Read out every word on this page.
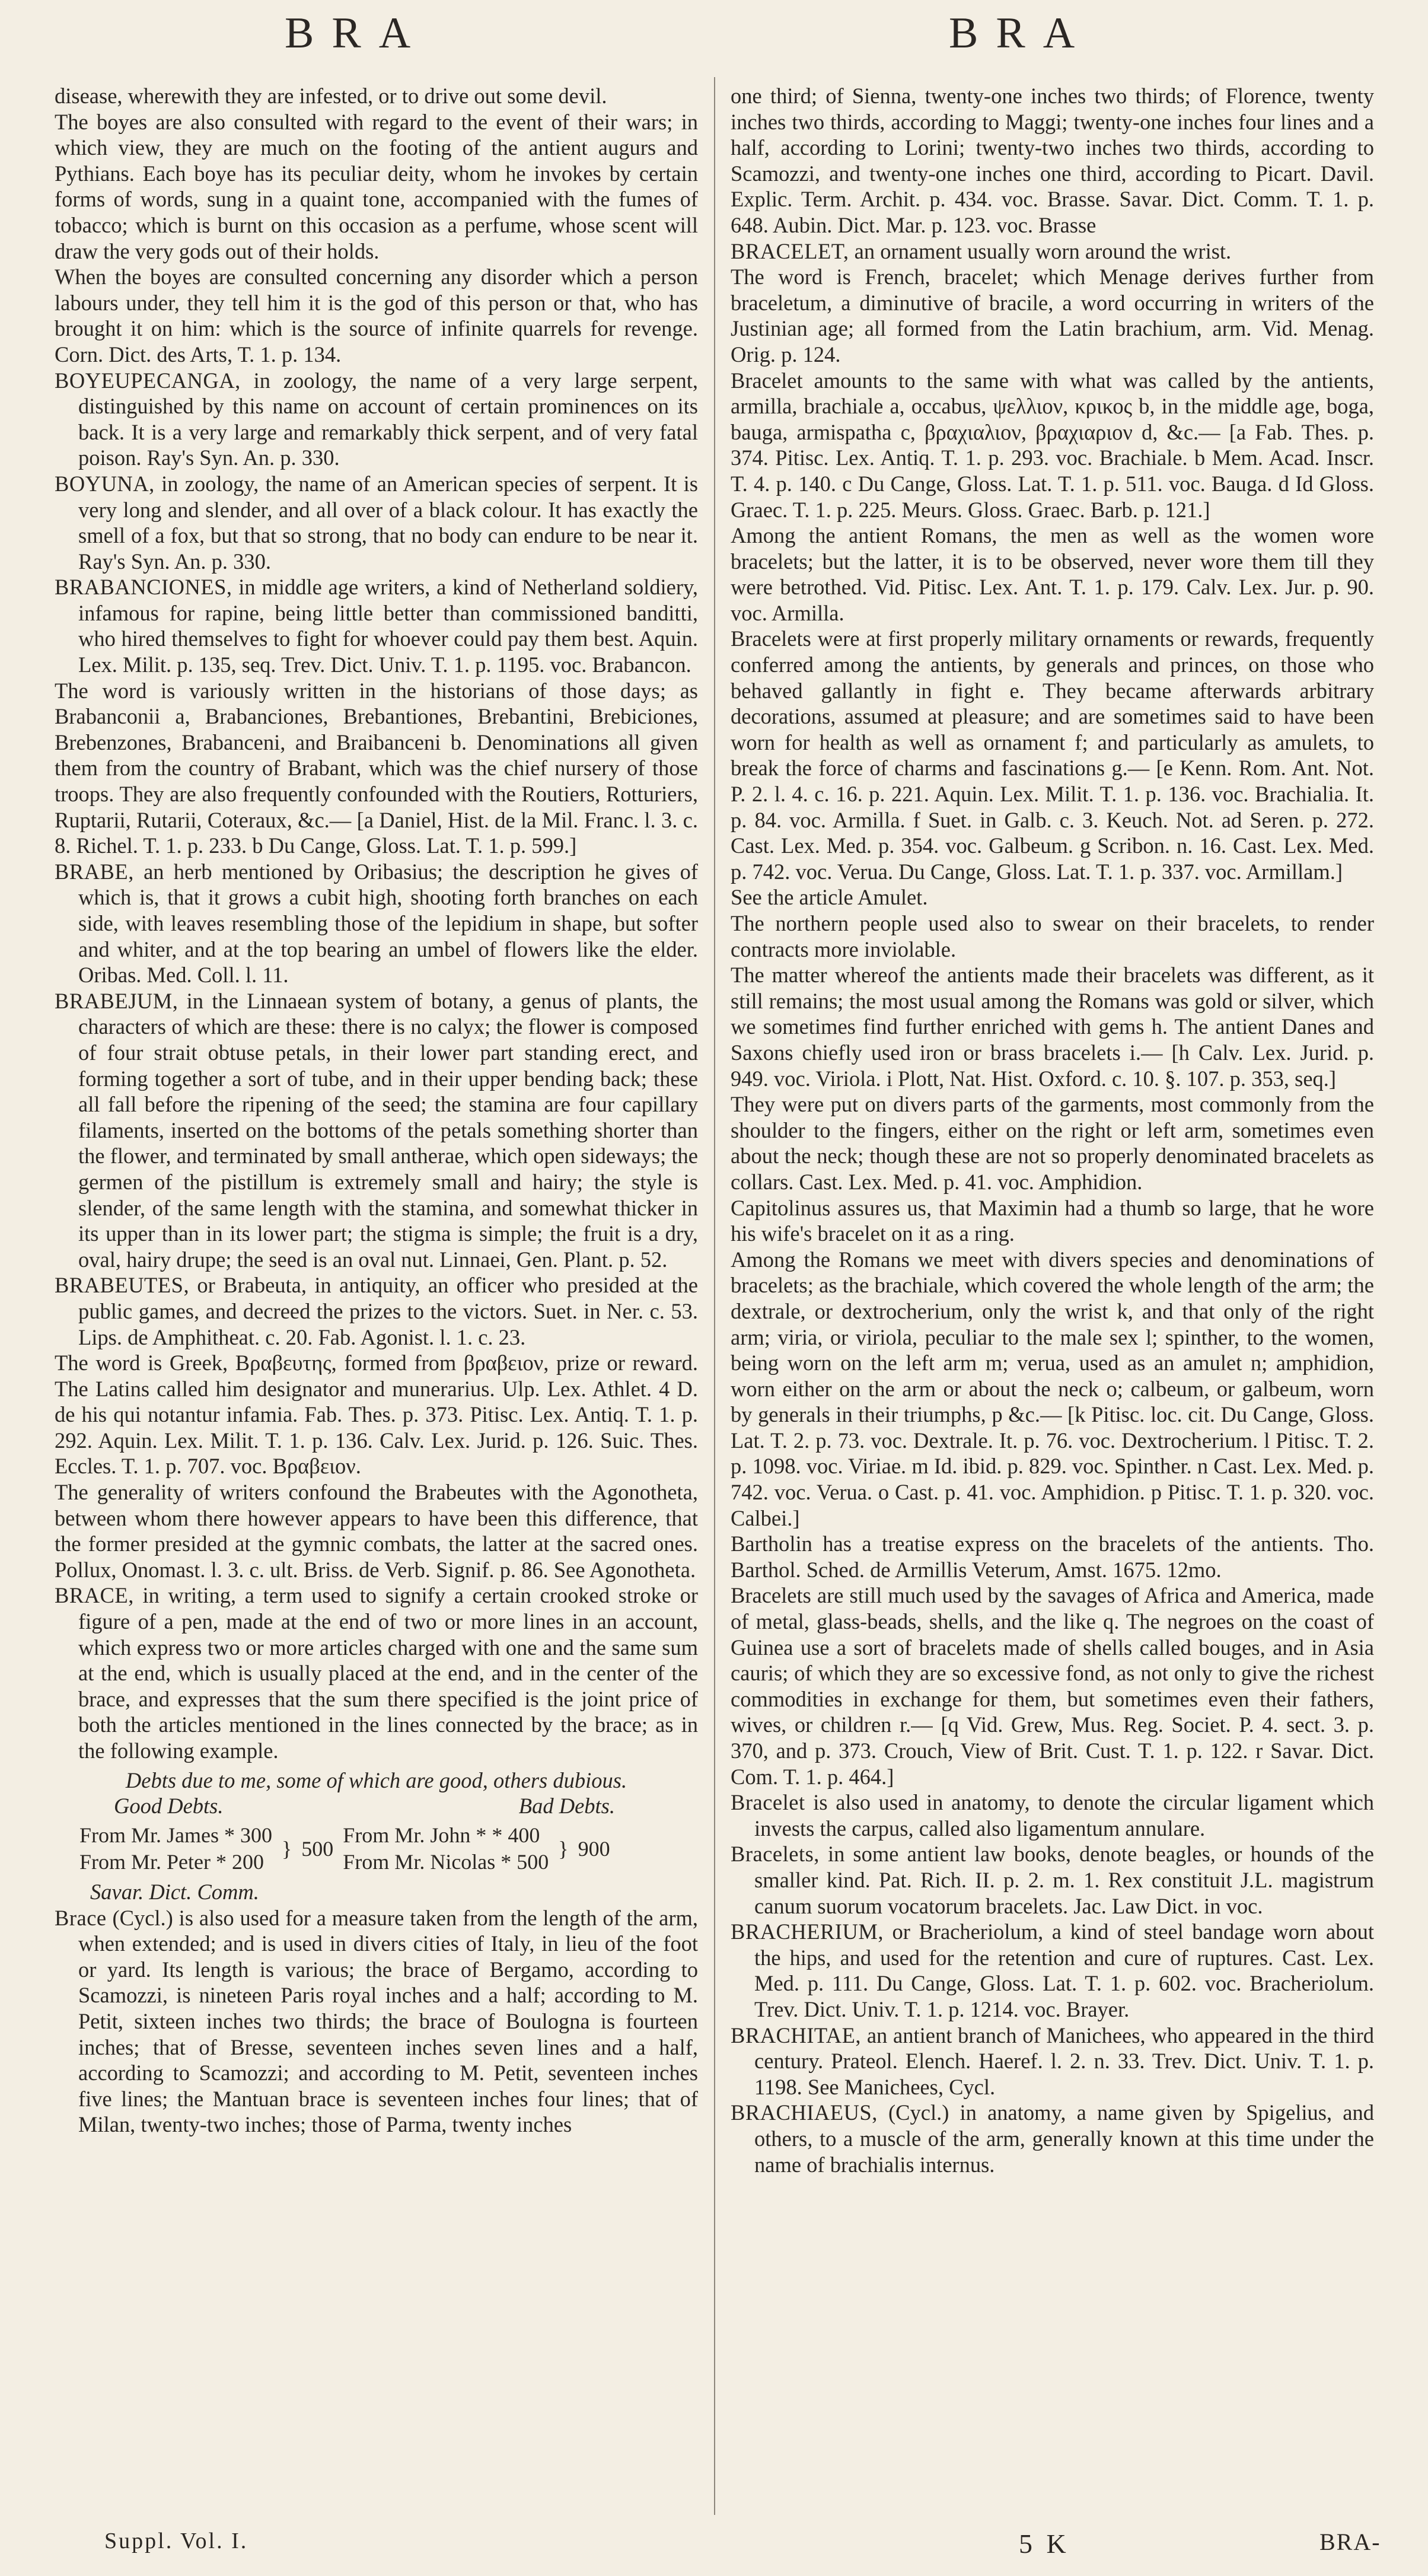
BRA	BRA

disease, wherewith they are infested, or to drive out some devil.

The boyes are also consulted with regard to the event of their wars; in which view, they are much on the footing of the antient augurs and Pythians. Each boye has its peculiar deity, whom he invokes by certain forms of words, sung in a quaint tone, accompanied with the fumes of tobacco; which is burnt on this occasion as a perfume, whose scent will draw the very gods out of their holds.

When the boyes are consulted concerning any disorder which a person labours under, they tell him it is the god of this person or that, who has brought it on him: which is the source of infinite quarrels for revenge. Corn. Dict. des Arts, T. 1. p. 134.

BOYEUPECANGA, in zoology, the name of a very large serpent, distinguished by this name on account of certain prominences on its back. It is a very large and remarkably thick serpent, and of very fatal poison. Ray's Syn. An. p. 330.

BOYUNA, in zoology, the name of an American species of serpent. It is very long and slender, and all over of a black colour. It has exactly the smell of a fox, but that so strong, that no body can endure to be near it. Ray's Syn. An. p. 330.

BRABANCIONES, in middle age writers, a kind of Netherland soldiery, infamous for rapine, being little better than commissioned banditti, who hired themselves to fight for whoever could pay them best. Aquin. Lex. Milit. p. 135, seq. Trev. Dict. Univ. T. 1. p. 1195. voc. Brabancon.

The word is variously written in the historians of those days; as Brabanconii a, Brabanciones, Brebantiones, Brebantini, Brebiciones, Brebenzones, Brabanceni, and Braibanceni b. Denominations all given them from the country of Brabant, which was the chief nursery of those troops. They are also frequently confounded with the Routiers, Rotturiers, Ruptarii, Rutarii, Coteraux, &c.— [a Daniel, Hist. de la Mil. Franc. l. 3. c. 8. Richel. T. 1. p. 233. b Du Cange, Gloss. Lat. T. 1. p. 599.]

BRABE, an herb mentioned by Oribasius; the description he gives of which is, that it grows a cubit high, shooting forth branches on each side, with leaves resembling those of the lepidium in shape, but softer and whiter, and at the top bearing an umbel of flowers like the elder. Oribas. Med. Coll. l. 11.

BRABEJUM, in the Linnaean system of botany, a genus of plants, the characters of which are these: there is no calyx; the flower is composed of four strait obtuse petals, in their lower part standing erect, and forming together a sort of tube, and in their upper bending back; these all fall before the ripening of the seed; the stamina are four capillary filaments, inserted on the bottoms of the petals something shorter than the flower, and terminated by small antherae, which open sideways; the germen of the pistillum is extremely small and hairy; the style is slender, of the same length with the stamina, and somewhat thicker in its upper than in its lower part; the stigma is simple; the fruit is a dry, oval, hairy drupe; the seed is an oval nut. Linnaei, Gen. Plant. p. 52.

BRABEUTES, or Brabeuta, in antiquity, an officer who presided at the public games, and decreed the prizes to the victors. Suet. in Ner. c. 53. Lips. de Amphitheat. c. 20. Fab. Agonist. l. 1. c. 23.

The word is Greek, Βραβευτης, formed from βραβειον, prize or reward. The Latins called him designator and munerarius. Ulp. Lex. Athlet. 4 D. de his qui notantur infamia. Fab. Thes. p. 373. Pitisc. Lex. Antiq. T. 1. p. 292. Aquin. Lex. Milit. T. 1. p. 136. Calv. Lex. Jurid. p. 126. Suic. Thes. Eccles. T. 1. p. 707. voc. Βραβειον.

The generality of writers confound the Brabeutes with the Agonotheta, between whom there however appears to have been this difference, that the former presided at the gymnic combats, the latter at the sacred ones. Pollux, Onomast. l. 3. c. ult. Briss. de Verb. Signif. p. 86. See Agonotheta.

BRACE, in writing, a term used to signify a certain crooked stroke or figure of a pen, made at the end of two or more lines in an account, which express two or more articles charged with one and the same sum at the end, which is usually placed at the end, and in the center of the brace, and expresses that the sum there specified is the joint price of both the articles mentioned in the lines connected by the brace; as in the following example.

Debts due to me, some of which are good, others dubious.
Good Debts.	Bad Debts.
From Mr. James * 300	}	500	From Mr. John * * 400	}	900
From Mr. Peter * 200			From Mr. Nicolas * 500		

Savar. Dict. Comm.

Brace (Cycl.) is also used for a measure taken from the length of the arm, when extended; and is used in divers cities of Italy, in lieu of the foot or yard. Its length is various; the brace of Bergamo, according to Scamozzi, is nineteen Paris royal inches and a half; according to M. Petit, sixteen inches two thirds; the brace of Boulogna is fourteen inches; that of Bresse, seventeen inches seven lines and a half, according to Scamozzi; and according to M. Petit, seventeen inches five lines; the Mantuan brace is seventeen inches four lines; that of Milan, twenty-two inches; those of Parma, twenty inches

one third; of Sienna, twenty-one inches two thirds; of Florence, twenty inches two thirds, according to Maggi; twenty-one inches four lines and a half, according to Lorini; twenty-two inches two thirds, according to Scamozzi, and twenty-one inches one third, according to Picart. Davil. Explic. Term. Archit. p. 434. voc. Brasse. Savar. Dict. Comm. T. 1. p. 648. Aubin. Dict. Mar. p. 123. voc. Brasse

BRACELET, an ornament usually worn around the wrist.

The word is French, bracelet; which Menage derives further from braceletum, a diminutive of bracile, a word occurring in writers of the Justinian age; all formed from the Latin brachium, arm. Vid. Menag. Orig. p. 124.

Bracelet amounts to the same with what was called by the antients, armilla, brachiale a, occabus, ψελλιον, κρικος b, in the middle age, boga, bauga, armispatha c, βραχιαλιον, βραχιαριον d, &c.— [a Fab. Thes. p. 374. Pitisc. Lex. Antiq. T. 1. p. 293. voc. Brachiale. b Mem. Acad. Inscr. T. 4. p. 140. c Du Cange, Gloss. Lat. T. 1. p. 511. voc. Bauga. d Id Gloss. Graec. T. 1. p. 225. Meurs. Gloss. Graec. Barb. p. 121.]

Among the antient Romans, the men as well as the women wore bracelets; but the latter, it is to be observed, never wore them till they were betrothed. Vid. Pitisc. Lex. Ant. T. 1. p. 179. Calv. Lex. Jur. p. 90. voc. Armilla.

Bracelets were at first properly military ornaments or rewards, frequently conferred among the antients, by generals and princes, on those who behaved gallantly in fight e. They became afterwards arbitrary decorations, assumed at pleasure; and are sometimes said to have been worn for health as well as ornament f; and particularly as amulets, to break the force of charms and fascinations g.— [e Kenn. Rom. Ant. Not. P. 2. l. 4. c. 16. p. 221. Aquin. Lex. Milit. T. 1. p. 136. voc. Brachialia. It. p. 84. voc. Armilla. f Suet. in Galb. c. 3. Keuch. Not. ad Seren. p. 272. Cast. Lex. Med. p. 354. voc. Galbeum. g Scribon. n. 16. Cast. Lex. Med. p. 742. voc. Verua. Du Cange, Gloss. Lat. T. 1. p. 337. voc. Armillam.]

See the article Amulet.

The northern people used also to swear on their bracelets, to render contracts more inviolable.

The matter whereof the antients made their bracelets was different, as it still remains; the most usual among the Romans was gold or silver, which we sometimes find further enriched with gems h. The antient Danes and Saxons chiefly used iron or brass bracelets i.— [h Calv. Lex. Jurid. p. 949. voc. Viriola. i Plott, Nat. Hist. Oxford. c. 10. §. 107. p. 353, seq.]

They were put on divers parts of the garments, most commonly from the shoulder to the fingers, either on the right or left arm, sometimes even about the neck; though these are not so properly denominated bracelets as collars. Cast. Lex. Med. p. 41. voc. Amphidion.

Capitolinus assures us, that Maximin had a thumb so large, that he wore his wife's bracelet on it as a ring.

Among the Romans we meet with divers species and denominations of bracelets; as the brachiale, which covered the whole length of the arm; the dextrale, or dextrocherium, only the wrist k, and that only of the right arm; viria, or viriola, peculiar to the male sex l; spinther, to the women, being worn on the left arm m; verua, used as an amulet n; amphidion, worn either on the arm or about the neck o; calbeum, or galbeum, worn by generals in their triumphs, p &c.— [k Pitisc. loc. cit. Du Cange, Gloss. Lat. T. 2. p. 73. voc. Dextrale. It. p. 76. voc. Dextrocherium. l Pitisc. T. 2. p. 1098. voc. Viriae. m Id. ibid. p. 829. voc. Spinther. n Cast. Lex. Med. p. 742. voc. Verua. o Cast. p. 41. voc. Amphidion. p Pitisc. T. 1. p. 320. voc. Calbei.]

Bartholin has a treatise express on the bracelets of the antients. Tho. Barthol. Sched. de Armillis Veterum, Amst. 1675. 12mo.

Bracelets are still much used by the savages of Africa and America, made of metal, glass-beads, shells, and the like q. The negroes on the coast of Guinea use a sort of bracelets made of shells called bouges, and in Asia cauris; of which they are so excessive fond, as not only to give the richest commodities in exchange for them, but sometimes even their fathers, wives, or children r.— [q Vid. Grew, Mus. Reg. Societ. P. 4. sect. 3. p. 370, and p. 373. Crouch, View of Brit. Cust. T. 1. p. 122. r Savar. Dict. Com. T. 1. p. 464.]

Bracelet is also used in anatomy, to denote the circular ligament which invests the carpus, called also ligamentum annulare.

Bracelets, in some antient law books, denote beagles, or hounds of the smaller kind. Pat. Rich. II. p. 2. m. 1. Rex constituit J.L. magistrum canum suorum vocatorum bracelets. Jac. Law Dict. in voc.

BRACHERIUM, or Bracheriolum, a kind of steel bandage worn about the hips, and used for the retention and cure of ruptures. Cast. Lex. Med. p. 111. Du Cange, Gloss. Lat. T. 1. p. 602. voc. Bracheriolum. Trev. Dict. Univ. T. 1. p. 1214. voc. Brayer.

BRACHITAE, an antient branch of Manichees, who appeared in the third century. Prateol. Elench. Haeref. l. 2. n. 33. Trev. Dict. Univ. T. 1. p. 1198. See Manichees, Cycl.

BRACHIAEUS, (Cycl.) in anatomy, a name given by Spigelius, and others, to a muscle of the arm, generally known at this time under the name of brachialis internus.

Suppl. Vol. I.	5 K	BRA-
